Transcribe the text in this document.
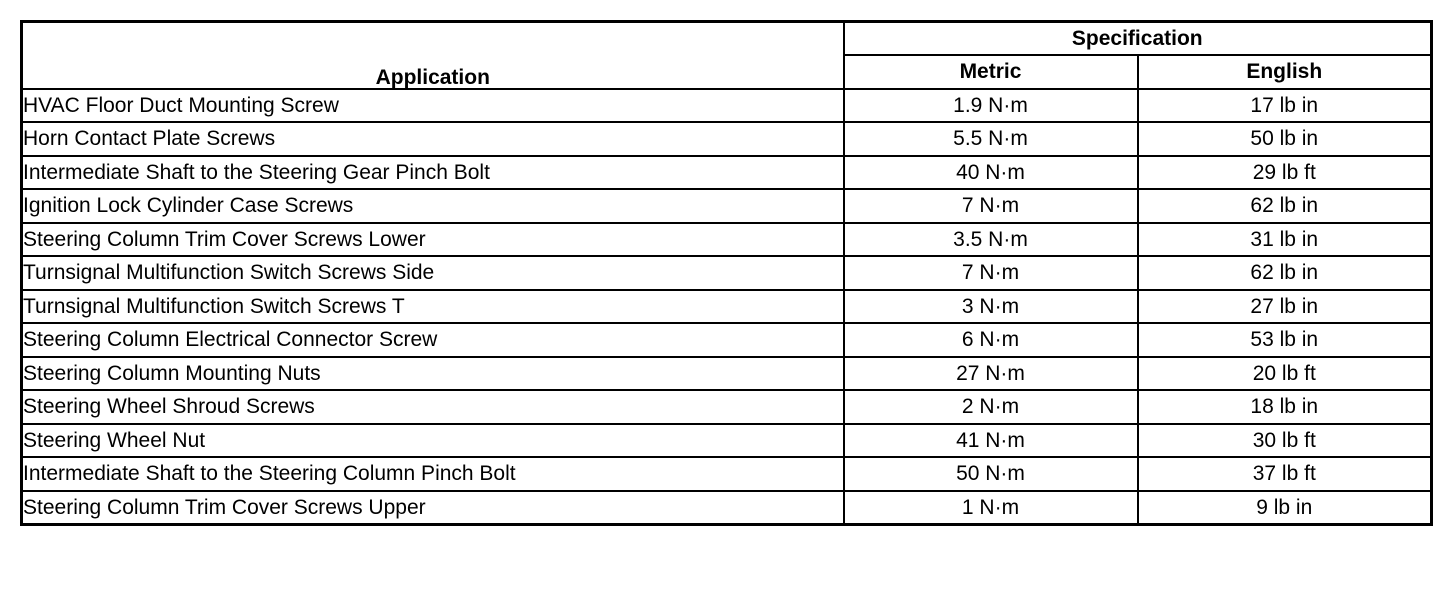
Application	Specification	
	Metric	English
HVAC Floor Duct Mounting Screw	1.9 N·m	17 lb in
Horn Contact Plate Screws	5.5 N·m	50 lb in
Intermediate Shaft to the Steering Gear Pinch Bolt	40 N·m	29 lb ft
Ignition Lock Cylinder Case Screws	7 N·m	62 lb in
Steering Column Trim Cover Screws Lower	3.5 N·m	31 lb in
Turnsignal Multifunction Switch Screws Side	7 N·m	62 lb in
Turnsignal Multifunction Switch Screws T	3 N·m	27 lb in
Steering Column Electrical Connector Screw	6 N·m	53 lb in
Steering Column Mounting Nuts	27 N·m	20 lb ft
Steering Wheel Shroud Screws	2 N·m	18 lb in
Steering Wheel Nut	41 N·m	30 lb ft
Intermediate Shaft to the Steering Column Pinch Bolt	50 N·m	37 lb ft
Steering Column Trim Cover Screws Upper	1 N·m	9 lb in
